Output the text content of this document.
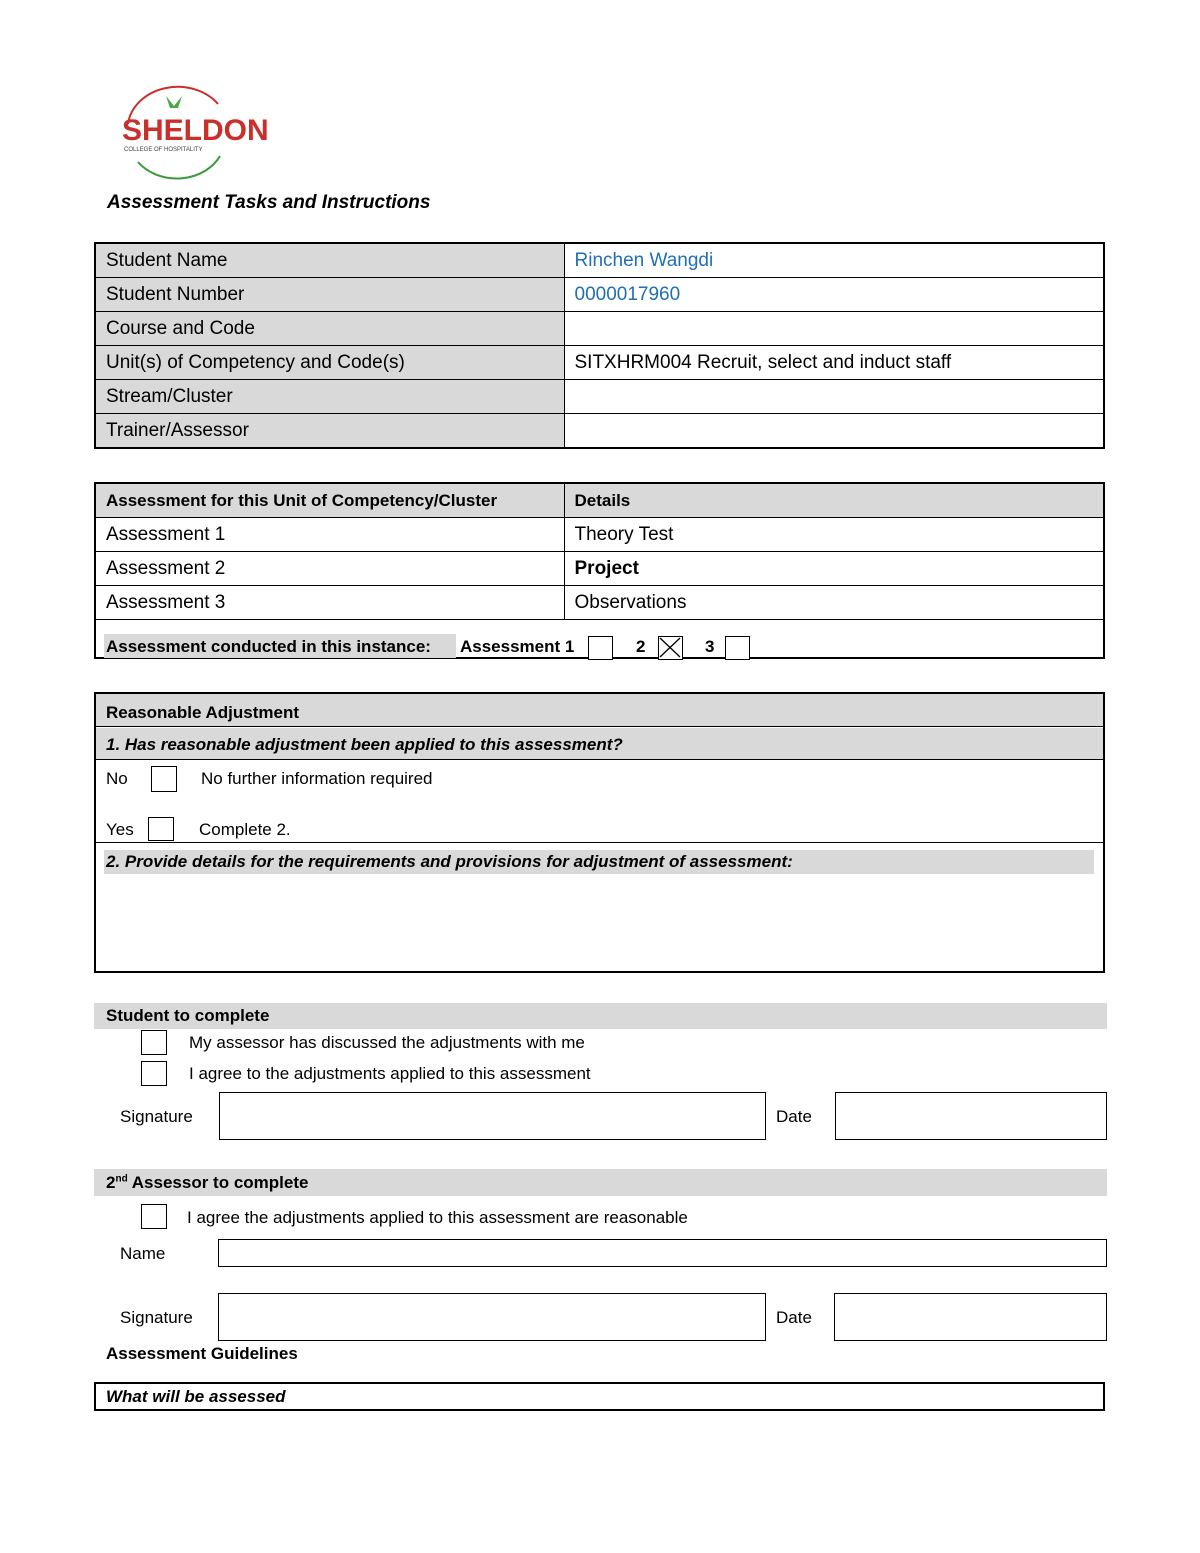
SHELDON
COLLEGE OF HOSPITALITY
Assessment Tasks and Instructions
Student Name	Rinchen Wangdi
Student Number	0000017960
Course and Code	
Unit(s) of Competency and Code(s)	SITXHRM004 Recruit, select and induct staff
Stream/Cluster	
Trainer/Assessor	
Assessment for this Unit of Competency/Cluster	Details
Assessment 1	Theory Test
Assessment 2	Project
Assessment 3	Observations

Assessment conducted in this instance: Assessment 1	2	3
Reasonable Adjustment
1. Has reasonable adjustment been applied to this assessment?
No	No further information required
Yes	Complete 2.
2. Provide details for the requirements and provisions for adjustment of assessment:
Student to complete
My assessor has discussed the adjustments with me
I agree to the adjustments applied to this assessment
Signature	Date
2nd Assessor to complete
I agree the adjustments applied to this assessment are reasonable
Name
Signature	Date
Assessment Guidelines
What will be assessed
